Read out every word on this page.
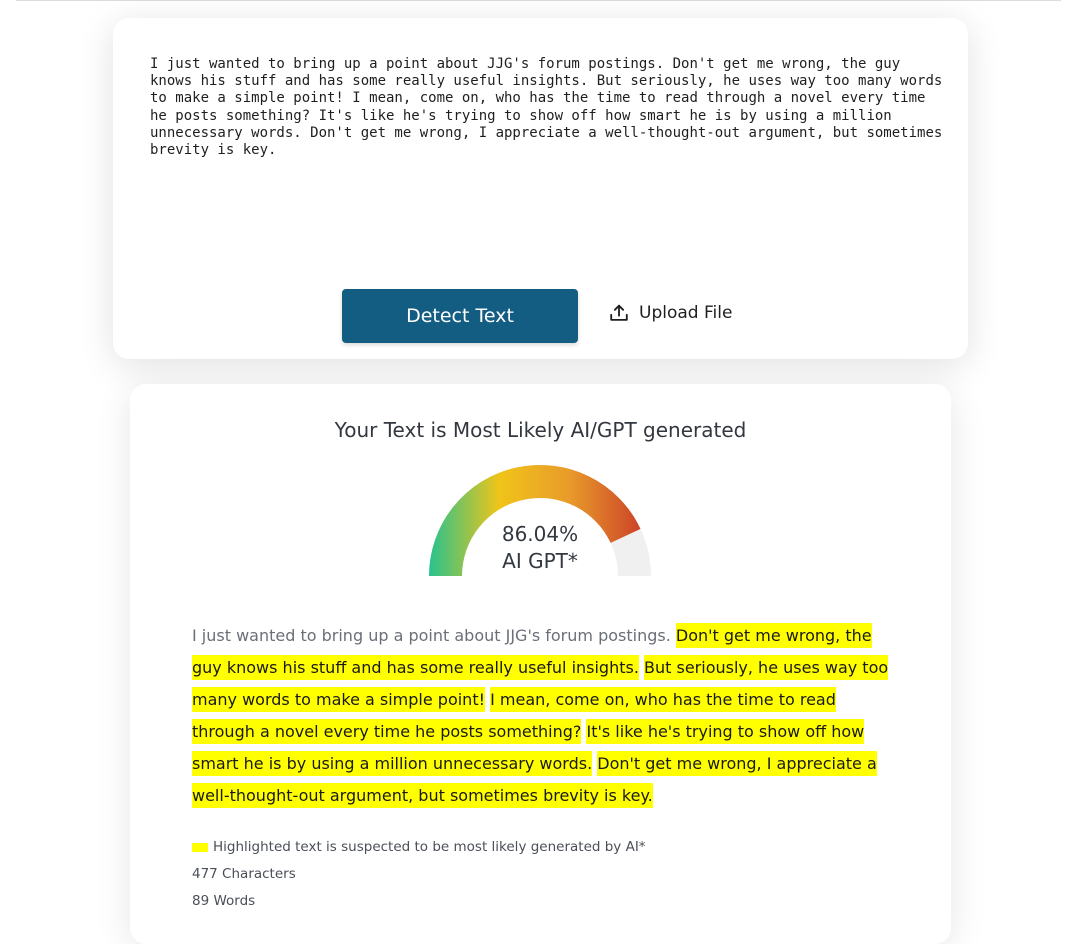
I just wanted to bring up a point about JJG's forum postings. Don't get me wrong, the guy knows his stuff and has some really useful insights. But seriously, he uses way too many words to make a simple point! I mean, come on, who has the time to read through a novel every time he posts something? It's like he's trying to show off how smart he is by using a million unnecessary words. Don't get me wrong, I appreciate a well-thought-out argument, but sometimes brevity is key.
Detect Text	Upload File
Your Text is Most Likely AI/GPT generated
86.04%
AI GPT*

I just wanted to bring up a point about JJG's forum postings. Don't get me wrong, the guy knows his stuff and has some really useful insights. But seriously, he uses way too many words to make a simple point! I mean, come on, who has the time to read through a novel every time he posts something? It's like he's trying to show off how smart he is by using a million unnecessary words. Don't get me wrong, I appreciate a well-thought-out argument, but sometimes brevity is key.

Highlighted text is suspected to be most likely generated by AI*
477 Characters
89 Words
